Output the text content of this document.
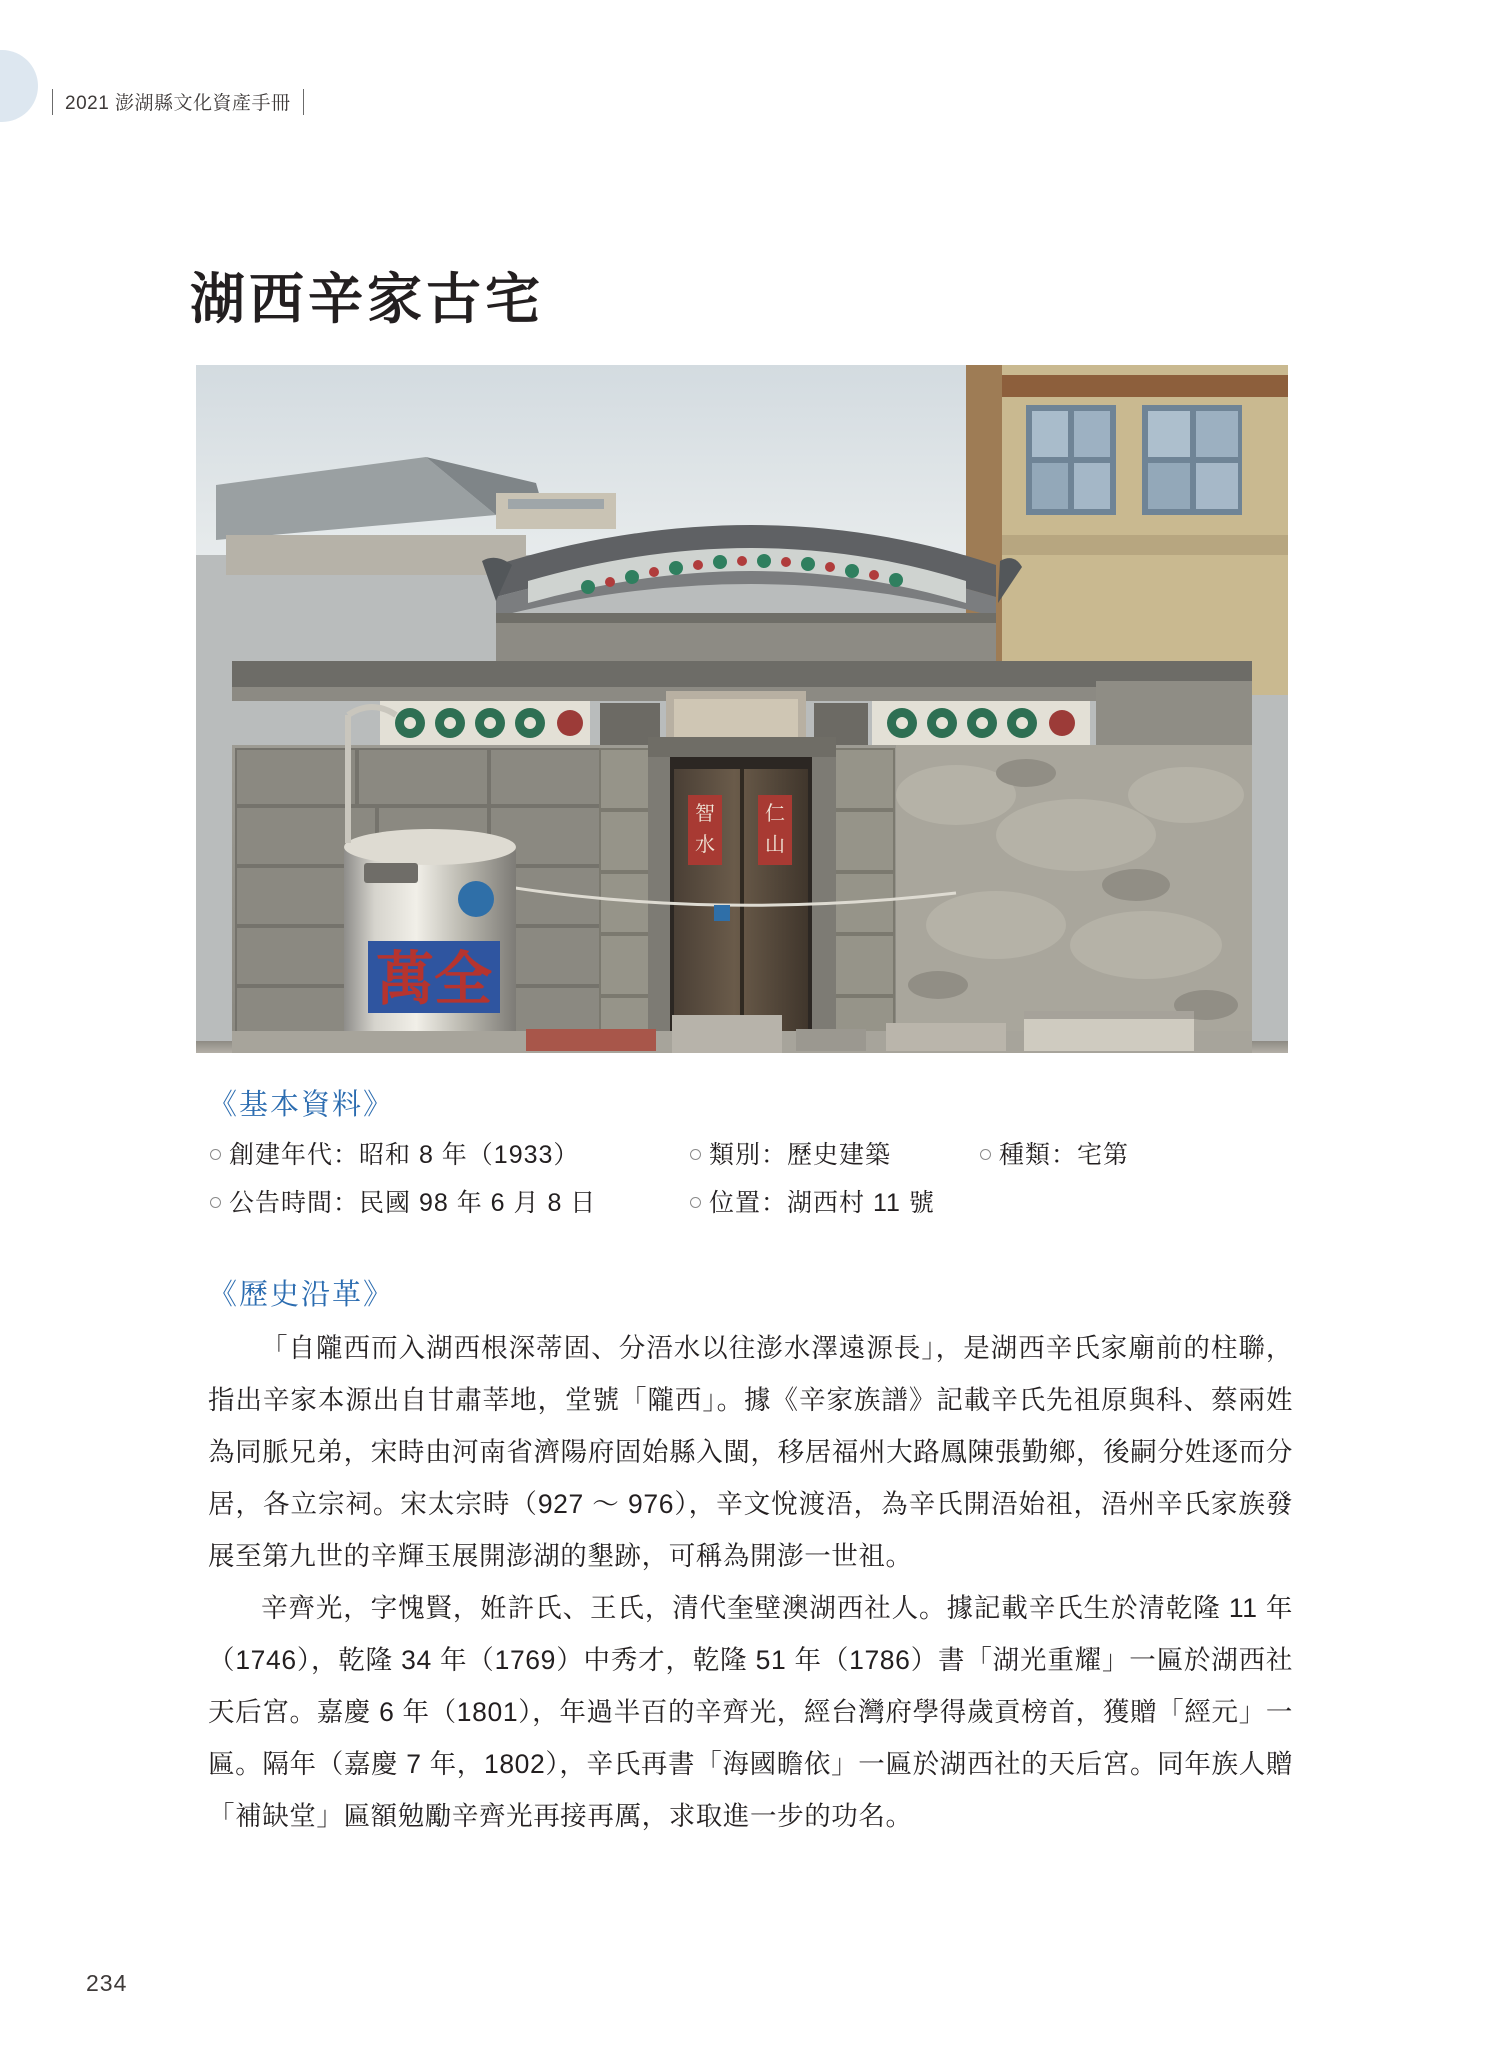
2021 澎湖縣文化資產手冊
湖西辛家古宅
智
水
仁
山
萬全
《基本資料》
創建年代：昭和 8 年（1933）	類別：歷史建築	種類：宅第
公告時間：民國 98 年 6 月 8 日	位置：湖西村 11 號
《歷史沿革》

「自隴西而入湖西根深蒂固、分浯水以往澎水澤遠源長」，是湖西辛氏家廟前的柱聯，指出辛家本源出自甘肅莘地，堂號「隴西」。據《辛家族譜》記載辛氏先祖原與科、蔡兩姓為同脈兄弟，宋時由河南省濟陽府固始縣入閩，移居福州大路鳳陳張勤鄉，後嗣分姓逐而分居，各立宗祠。宋太宗時（927 ～ 976），辛文悅渡浯，為辛氏開浯始祖，浯州辛氏家族發展至第九世的辛輝玉展開澎湖的墾跡，可稱為開澎一世祖。

辛齊光，字愧賢，姙許氏、王氏，清代奎壁澳湖西社人。據記載辛氏生於清乾隆 11 年（1746），乾隆 34 年（1769）中秀才，乾隆 51 年（1786）書「湖光重耀」一匾於湖西社天后宮。嘉慶 6 年（1801），年過半百的辛齊光，經台灣府學得歲貢榜首，獲贈「經元」一匾。隔年（嘉慶 7 年，1802），辛氏再書「海國瞻依」一匾於湖西社的天后宮。同年族人贈「補缺堂」匾額勉勵辛齊光再接再厲，求取進一步的功名。

234
